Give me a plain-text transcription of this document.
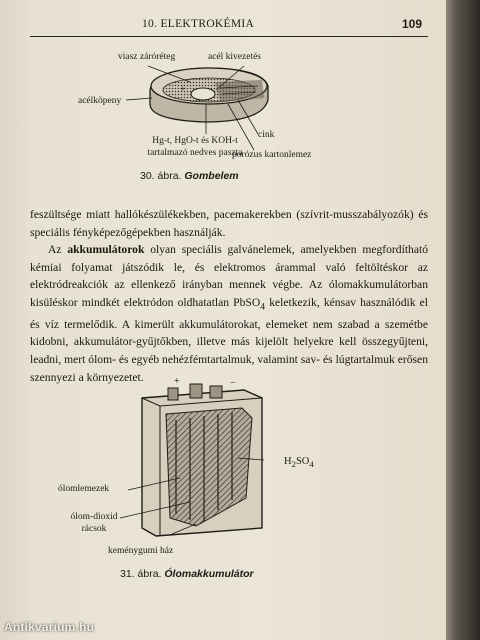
10. ELEKTROKÉMIA	109
viasz záróréteg	acél kivezetés
+
acélköpeny
cink
Hg-t, HgO-t és KOH-t
tartalmazó nedves paszta
porózus kartonlemez
30. ábra. Gombelem

feszültsége miatt hallókészülékekben, pacemakerekben (szívrit-musszabályozók) és speciális fényképezőgépekben használják.

Az akkumulátorok olyan speciális galvánelemek, amelyekben megfordítható kémiai folyamat játszódik le, és elektromos árammal való feltöltéskor az elektródreakciók az ellenkező irányban mennek végbe. Az ólomakkumulátorban kisüléskor mindkét elektródon oldhatatlan PbSO$_4$ keletkezik, kénsav használódik el és víz termelődik. A kimerült akkumulátorokat, elemeket nem szabad a szemétbe kidobni, akkumulátor-gyűjtőkben, illetve más kijelölt helyekre kell összegyűjteni, leadni, mert ólom- és egyéb nehézfémtartalmuk, valamint sav- és lúgtartalmuk erősen szennyezi a környezetet.	+	−
$H_2SO_4$
ólomlemezek
ólom-dioxid
rácsok
keménygumi ház
31. ábra. Ólomakkumulátor
Antikvarium.hu
